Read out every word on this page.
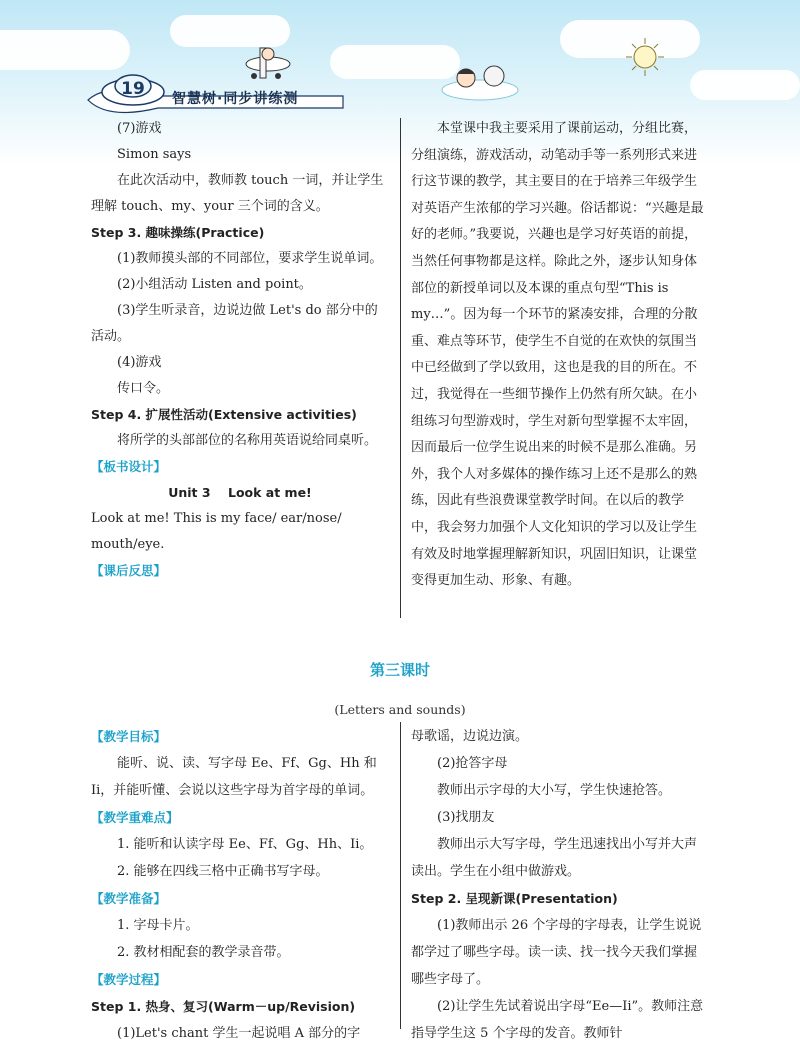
19	智慧树·同步讲练测

(7)游戏

Simon says

在此次活动中，教师教 touch 一词，并让学生理解 touch、my、your 三个词的含义。

Step 3. 趣味操练(Practice)

(1)教师摸头部的不同部位，要求学生说单词。

(2)小组活动 Listen and point。

(3)学生听录音，边说边做 Let's do 部分中的活动。

(4)游戏

传口令。

Step 4. 扩展性活动(Extensive activities)

将所学的头部部位的名称用英语说给同桌听。

【板书设计】

Unit 3    Look at me!

Look at me! This is my face/ ear/nose/ mouth/eye.

【课后反思】

本堂课中我主要采用了课前运动，分组比赛，分组演练，游戏活动，动笔动手等一系列形式来进行这节课的教学，其主要目的在于培养三年级学生对英语产生浓郁的学习兴趣。俗话都说：“兴趣是最好的老师。”我要说，兴趣也是学习好英语的前提，当然任何事物都是这样。除此之外，逐步认知身体部位的新授单词以及本课的重点句型“This is my…”。因为每一个环节的紧凑安排，合理的分散重、难点等环节，使学生不自觉的在欢快的氛围当中已经做到了学以致用，这也是我的目的所在。不过，我觉得在一些细节操作上仍然有所欠缺。在小组练习句型游戏时，学生对新句型掌握不太牢固，因而最后一位学生说出来的时候不是那么准确。另外，我个人对多媒体的操作练习上还不是那么的熟练，因此有些浪费课堂教学时间。在以后的教学中，我会努力加强个人文化知识的学习以及让学生有效及时地掌握理解新知识，巩固旧知识，让课堂变得更加生动、形象、有趣。

第三课时
(Letters and sounds)

【教学目标】

能听、说、读、写字母 Ee、Ff、Gg、Hh 和 Ii，并能听懂、会说以这些字母为首字母的单词。

【教学重难点】

1. 能听和认读字母 Ee、Ff、Gg、Hh、Ii。

2. 能够在四线三格中正确书写字母。

【教学准备】

1. 字母卡片。

2. 教材相配套的教学录音带。

【教学过程】

Step 1. 热身、复习(Warm－up/Revision)

(1)Let's chant 学生一起说唱 A 部分的字

母歌谣，边说边演。

(2)抢答字母

教师出示字母的大小写，学生快速抢答。

(3)找朋友

教师出示大写字母，学生迅速找出小写并大声读出。学生在小组中做游戏。

Step 2. 呈现新课(Presentation)

(1)教师出示 26 个字母的字母表，让学生说说都学过了哪些字母。读一读、找一找今天我们掌握哪些字母了。

(2)让学生先试着说出字母“Ee—Ii”。教师注意指导学生这 5 个字母的发音。教师针
